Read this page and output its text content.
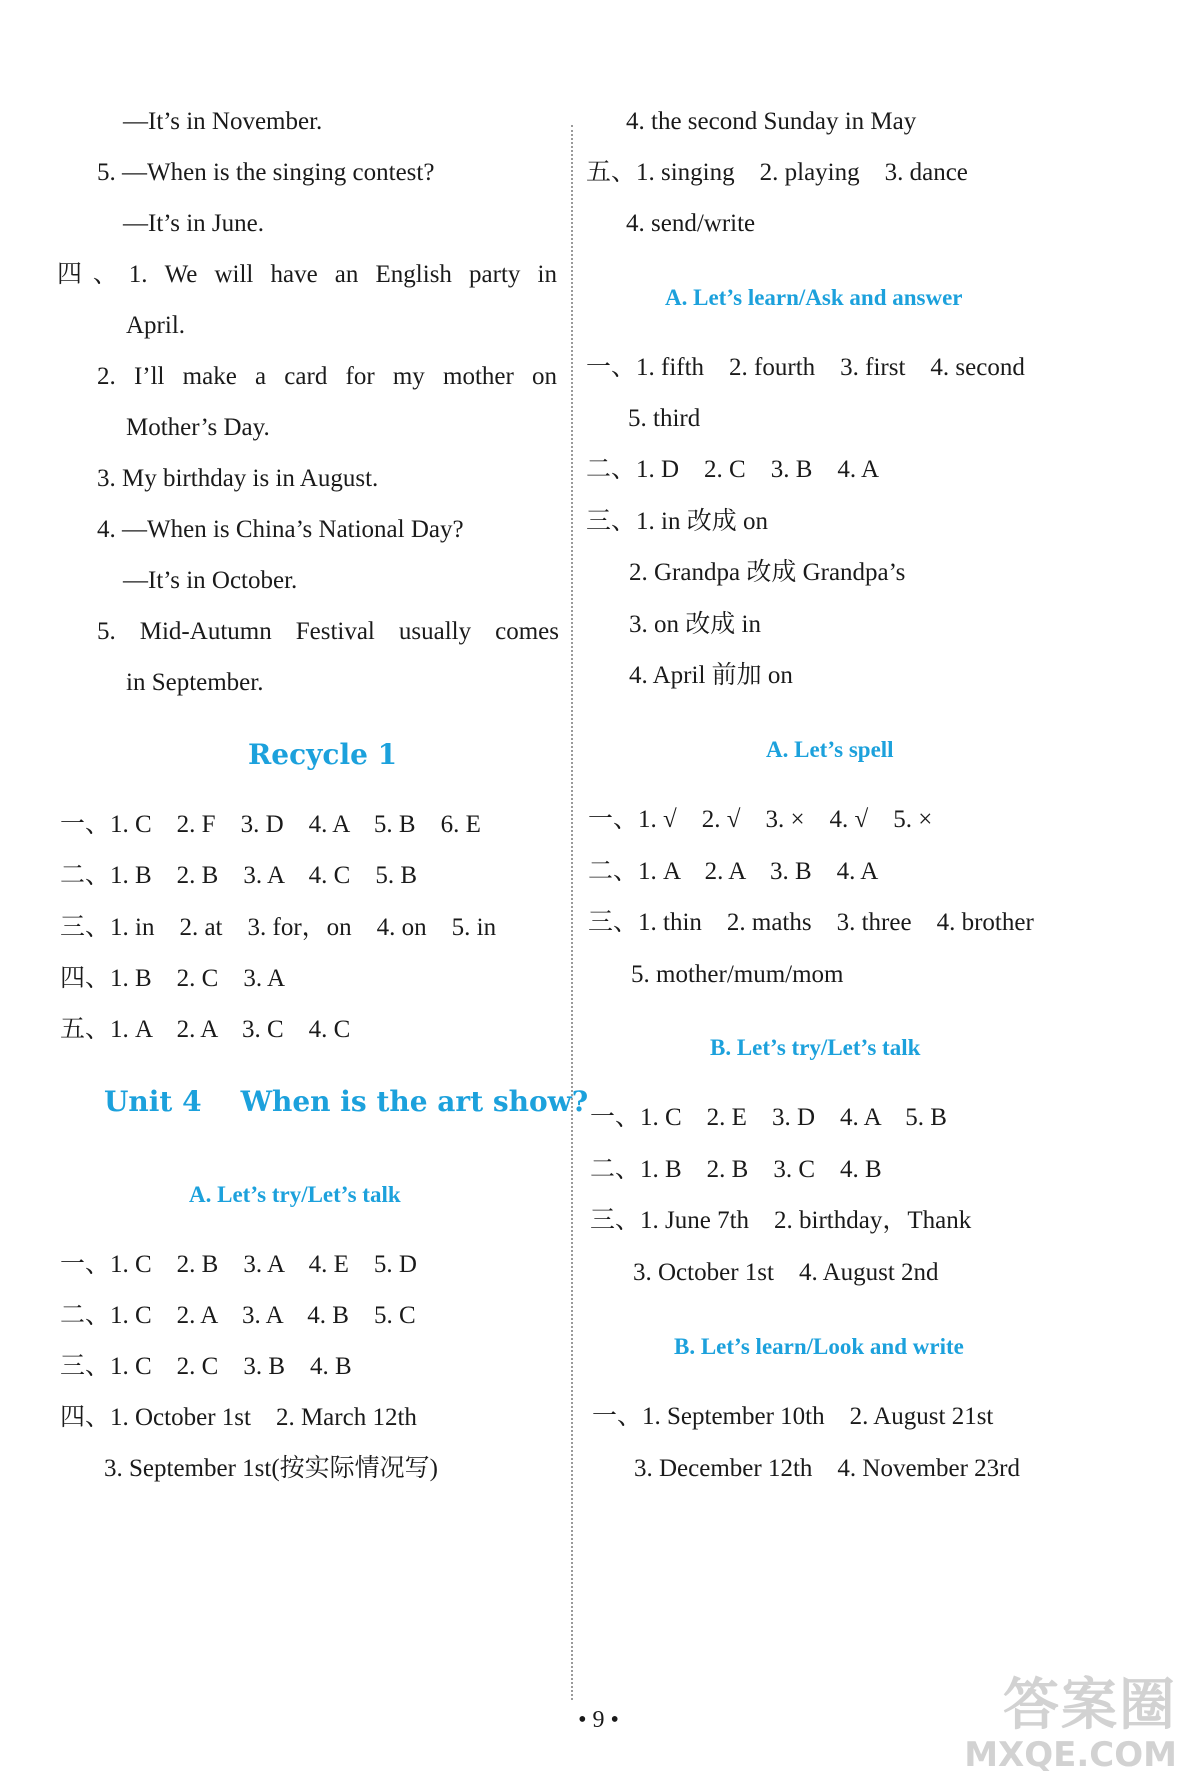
—It’s in November.
5. —When is the singing contest?
—It’s in June.
四、1. We will have an English party in
April.
2. I’ll make a card for my mother on
Mother’s Day.
3. My birthday is in August.
4. —When is China’s National Day?
—It’s in October.
5. Mid-Autumn Festival usually comes
in September.
Recycle 1
一、1. C    2. F    3. D    4. A    5. B    6. E
二、1. B    2. B    3. A    4. C    5. B
三、1. in    2. at    3. for，on    4. on    5. in
四、1. B    2. C    3. A
五、1. A    2. A    3. C    4. C
Unit 4    When is the art show?
A. Let’s try/Let’s talk
一、1. C    2. B    3. A    4. E    5. D
二、1. C    2. A    3. A    4. B    5. C
三、1. C    2. C    3. B    4. B
四、1. October 1st    2. March 12th
3. September 1st(按实际情况写)
4. the second Sunday in May
五、1. singing    2. playing    3. dance
4. send/write
A. Let’s learn/Ask and answer
一、1. fifth    2. fourth    3. first    4. second
5. third
二、1. D    2. C    3. B    4. A
三、1. in 改成 on
2. Grandpa 改成 Grandpa’s
3. on 改成 in
4. April 前加 on
A. Let’s spell
一、1. √    2. √    3. ×    4. √    5. ×
二、1. A    2. A    3. B    4. A
三、1. thin    2. maths    3. three    4. brother
5. mother/mum/mom
B. Let’s try/Let’s talk
一、1. C    2. E    3. D    4. A    5. B
二、1. B    2. B    3. C    4. B
三、1. June 7th    2. birthday，Thank
3. October 1st    4. August 2nd
B. Let’s learn/Look and write
一、1. September 10th    2. August 21st
3. December 12th    4. November 23rd
• 9 •	答案圈
MXQE.COM
